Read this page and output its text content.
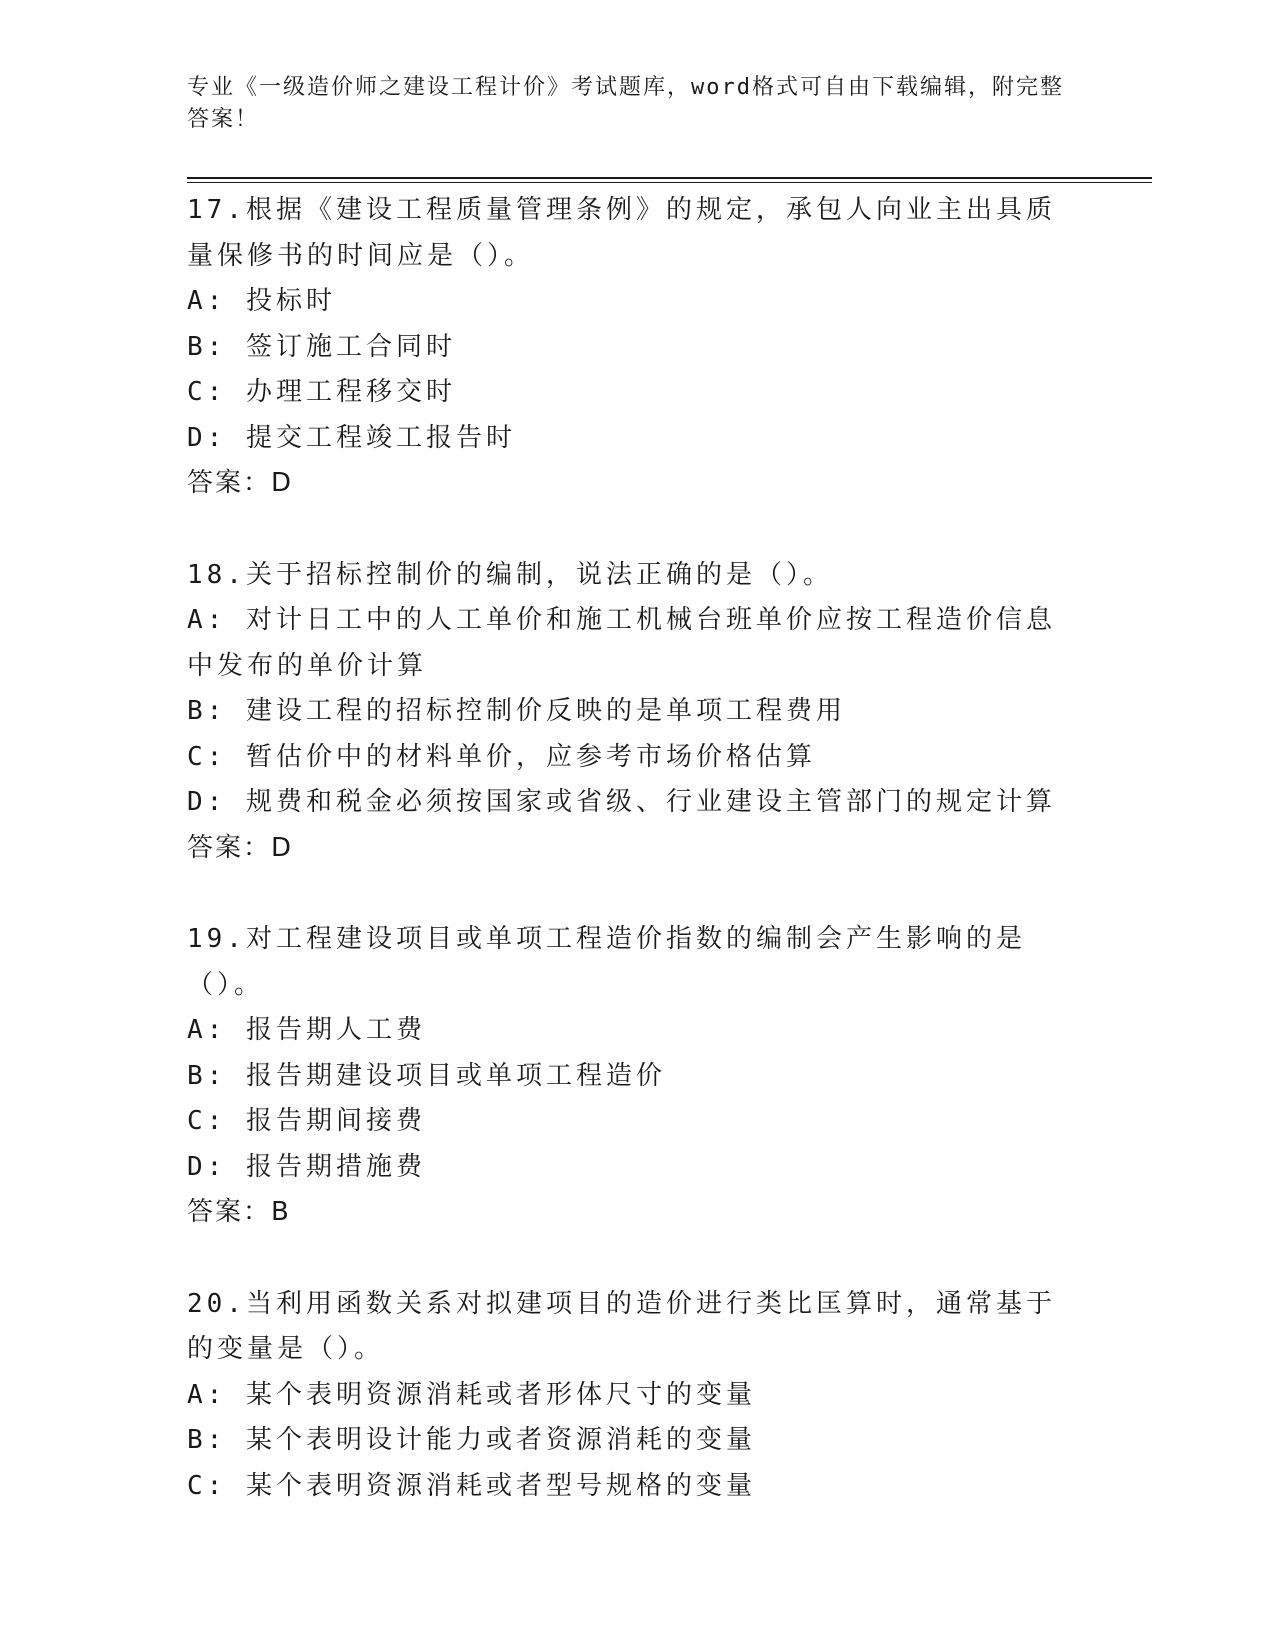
专业《一级造价师之建设工程计价》考试题库，word格式可自由下载编辑，附完整答案！
17.根据《建设工程质量管理条例》的规定，承包人向业主出具质量保修书的时间应是（）。
A: 投标时
B: 签订施工合同时
C: 办理工程移交时
D: 提交工程竣工报告时
答案：D
18.关于招标控制价的编制，说法正确的是（）。
A: 对计日工中的人工单价和施工机械台班单价应按工程造价信息中发布的单价计算
B: 建设工程的招标控制价反映的是单项工程费用
C: 暂估价中的材料单价，应参考市场价格估算
D: 规费和税金必须按国家或省级、行业建设主管部门的规定计算
答案：D
19.对工程建设项目或单项工程造价指数的编制会产生影响的是（）。
A: 报告期人工费
B: 报告期建设项目或单项工程造价
C: 报告期间接费
D: 报告期措施费
答案：B
20.当利用函数关系对拟建项目的造价进行类比匡算时，通常基于的变量是（）。
A: 某个表明资源消耗或者形体尺寸的变量
B: 某个表明设计能力或者资源消耗的变量
C: 某个表明资源消耗或者型号规格的变量
